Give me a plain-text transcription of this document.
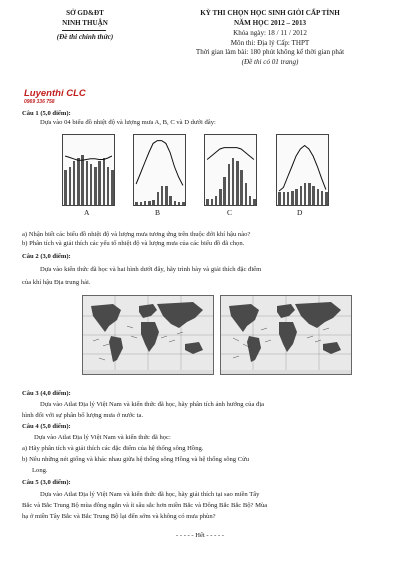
SỞ GD&ĐT
NINH THUẬN
(Đề thi chính thức)
KỲ THI CHỌN HỌC SINH GIỎI CẤP TỈNH
NĂM HỌC 2012 – 2013
Khóa ngày: 18 / 11 / 2012
Môn thi: Địa lý Cấp: THPT
Thời gian làm bài: 180 phút không kể thời gian phát
(Đề thi có 01 trang)
Luyenthi CLC
0969 336 758
Câu 1 (5,0 điểm):
Dựa vào 04 biểu đồ nhiệt độ và lượng mưa A, B, C và D dưới đây:
A	B	C	D
a) Nhận biết các biểu đồ nhiệt độ và lượng mưa tương ứng trên thuộc đới khí hậu nào?
b) Phân tích và giải thích các yếu tố nhiệt độ và lượng mưa của các biểu đồ đã chọn.
Câu 2 (3,0 điểm):
Dựa vào kiến thức đã học và hai hình dưới đây, hãy trình bày và giải thích đặc điểm
của khí hậu Địa trung hải.
Câu 3 (4,0 điểm):
Dựa vào Atlat Địa lý Việt Nam và kiến thức đã học, hãy phân tích ảnh hưởng của địa
hình đối với sự phân bố lượng mưa ở nước ta.
Câu 4 (5,0 điểm):
Dựa vào Atlat Địa lý Việt Nam và kiến thức đã học:
a) Hãy phân tích và giải thích các đặc điểm của hệ thống sông Hồng.
b) Nêu những nét giống và khác nhau giữa hệ thống sông Hồng và hệ thống sông Cửu
Long.
Câu 5 (3,0 điểm):
Dựa vào Atlat Địa lý Việt Nam và kiến thức đã học, hãy giải thích tại sao miền Tây
Bắc và Bắc Trung Bộ mùa đông ngắn và ít sâu sắc hơn miền Bắc và Đông Bắc Bắc Bộ? Mùa
hạ ở miền Tây Bắc và Bắc Trung Bộ lại đến sớm và không có mưa phùn?
- - - - - Hết - - - - -
